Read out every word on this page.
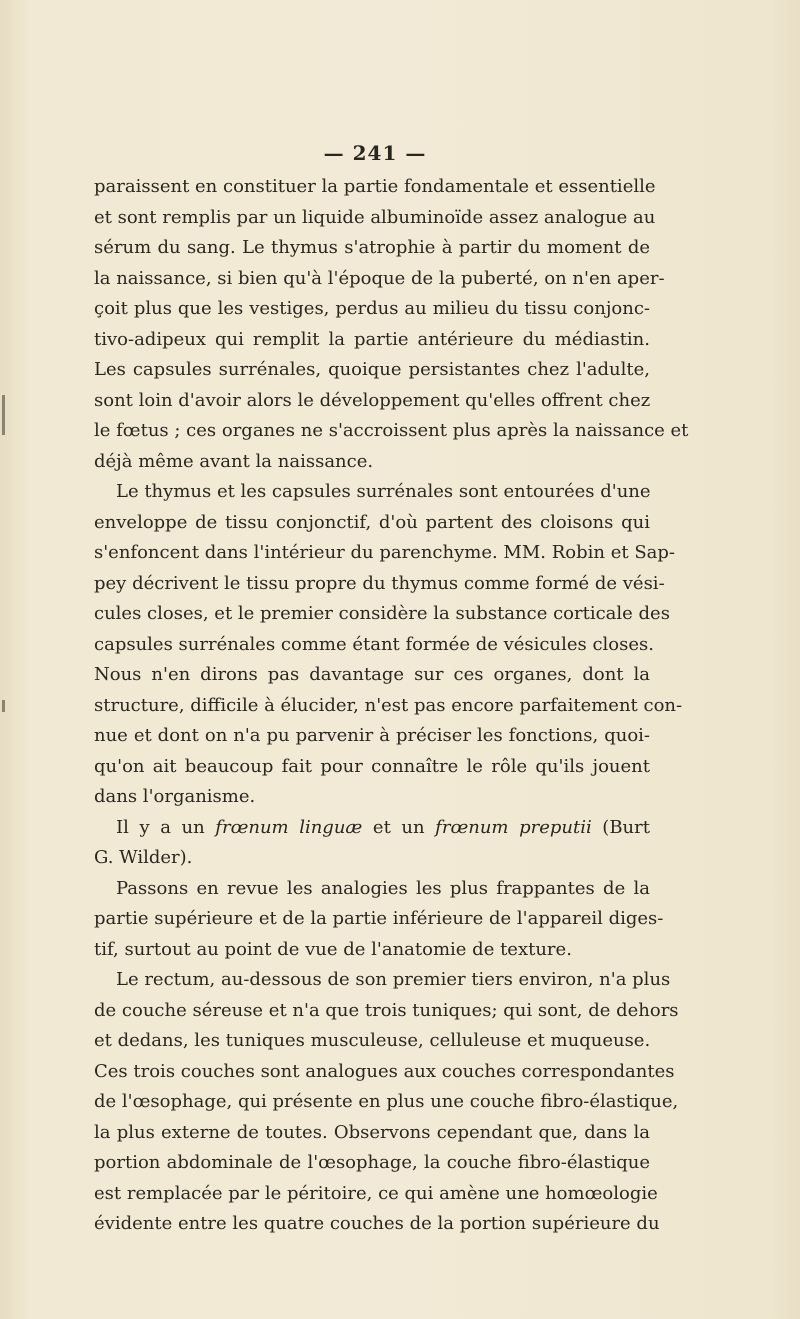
— 241 —
paraissent en constituer la partie fondamentale et essentielle
et sont remplis par un liquide albuminoïde assez analogue au
sérum du sang. Le thymus s'atrophie à partir du moment de
la naissance, si bien qu'à l'époque de la puberté, on n'en aper-
çoit plus que les vestiges, perdus au milieu du tissu conjonc-
tivo-adipeux qui remplit la partie antérieure du médiastin.
Les capsules surrénales, quoique persistantes chez l'adulte,
sont loin d'avoir alors le développement qu'elles offrent chez
le fœtus ; ces organes ne s'accroissent plus après la naissance et
déjà même avant la naissance.
Le thymus et les capsules surrénales sont entourées d'une
enveloppe de tissu conjonctif, d'où partent des cloisons qui
s'enfoncent dans l'intérieur du parenchyme. MM. Robin et Sap-
pey décrivent le tissu propre du thymus comme formé de vési-
cules closes, et le premier considère la substance corticale des
capsules surrénales comme étant formée de vésicules closes.
Nous n'en dirons pas davantage sur ces organes, dont la
structure, difficile à élucider, n'est pas encore parfaitement con-
nue et dont on n'a pu parvenir à préciser les fonctions, quoi-
qu'on ait beaucoup fait pour connaître le rôle qu'ils jouent
dans l'organisme.
Il y a un frœnum linguæ et un frœnum preputii (Burt
G. Wilder).
Passons en revue les analogies les plus frappantes de la
partie supérieure et de la partie inférieure de l'appareil diges-
tif, surtout au point de vue de l'anatomie de texture.
Le rectum, au-dessous de son premier tiers environ, n'a plus
de couche séreuse et n'a que trois tuniques; qui sont, de dehors
et dedans, les tuniques musculeuse, celluleuse et muqueuse.
Ces trois couches sont analogues aux couches correspondantes
de l'œsophage, qui présente en plus une couche fibro-élastique,
la plus externe de toutes. Observons cependant que, dans la
portion abdominale de l'œsophage, la couche fibro-élastique
est remplacée par le péritoire, ce qui amène une homœologie
évidente entre les quatre couches de la portion supérieure du
